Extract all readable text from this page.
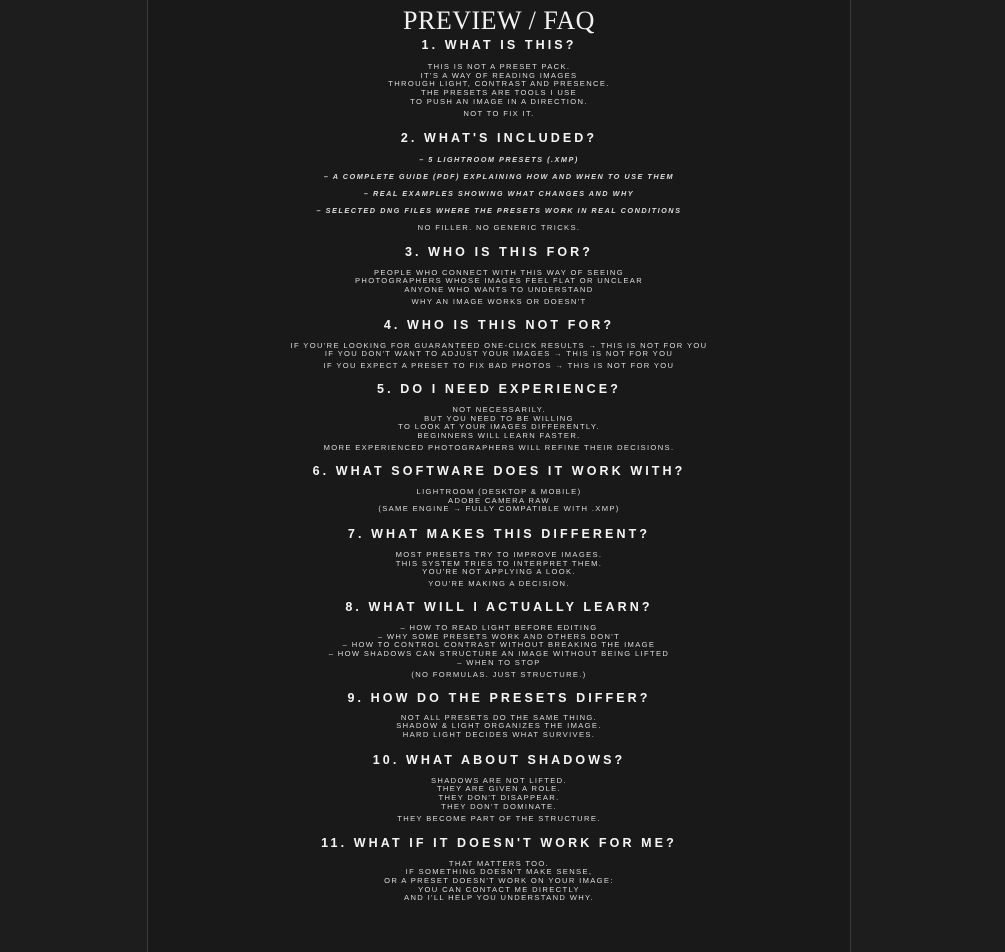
PREVIEW / FAQ
1. WHAT IS THIS?
THIS IS NOT A PRESET PACK.
IT'S A WAY OF READING IMAGES
THROUGH LIGHT, CONTRAST AND PRESENCE.
THE PRESETS ARE TOOLS I USE
TO PUSH AN IMAGE IN A DIRECTION.
NOT TO FIX IT.
2. WHAT'S INCLUDED?
– 5 LIGHTROOM PRESETS (.XMP)
– A COMPLETE GUIDE (PDF) EXPLAINING HOW AND WHEN TO USE THEM
– REAL EXAMPLES SHOWING WHAT CHANGES AND WHY
– SELECTED DNG FILES WHERE THE PRESETS WORK IN REAL CONDITIONS
NO FILLER. NO GENERIC TRICKS.
3. WHO IS THIS FOR?
PEOPLE WHO CONNECT WITH THIS WAY OF SEEING
PHOTOGRAPHERS WHOSE IMAGES FEEL FLAT OR UNCLEAR
ANYONE WHO WANTS TO UNDERSTAND
WHY AN IMAGE WORKS OR DOESN'T
4. WHO IS THIS NOT FOR?
IF YOU'RE LOOKING FOR GUARANTEED ONE-CLICK RESULTS → THIS IS NOT FOR YOU
IF YOU DON'T WANT TO ADJUST YOUR IMAGES → THIS IS NOT FOR YOU
IF YOU EXPECT A PRESET TO FIX BAD PHOTOS → THIS IS NOT FOR YOU
5. DO I NEED EXPERIENCE?
NOT NECESSARILY.
BUT YOU NEED TO BE WILLING
TO LOOK AT YOUR IMAGES DIFFERENTLY.
BEGINNERS WILL LEARN FASTER.
MORE EXPERIENCED PHOTOGRAPHERS WILL REFINE THEIR DECISIONS.
6. WHAT SOFTWARE DOES IT WORK WITH?
LIGHTROOM (DESKTOP & MOBILE)
ADOBE CAMERA RAW
(SAME ENGINE → FULLY COMPATIBLE WITH .XMP)
7. WHAT MAKES THIS DIFFERENT?
MOST PRESETS TRY TO IMPROVE IMAGES.
THIS SYSTEM TRIES TO INTERPRET THEM.
YOU'RE NOT APPLYING A LOOK.
YOU'RE MAKING A DECISION.
8. WHAT WILL I ACTUALLY LEARN?
– HOW TO READ LIGHT BEFORE EDITING
– WHY SOME PRESETS WORK AND OTHERS DON'T
– HOW TO CONTROL CONTRAST WITHOUT BREAKING THE IMAGE
– HOW SHADOWS CAN STRUCTURE AN IMAGE WITHOUT BEING LIFTED
– WHEN TO STOP
(NO FORMULAS. JUST STRUCTURE.)
9. HOW DO THE PRESETS DIFFER?
NOT ALL PRESETS DO THE SAME THING.
SHADOW & LIGHT ORGANIZES THE IMAGE.
HARD LIGHT DECIDES WHAT SURVIVES.
10. WHAT ABOUT SHADOWS?
SHADOWS ARE NOT LIFTED.
THEY ARE GIVEN A ROLE.
THEY DON'T DISAPPEAR.
THEY DON'T DOMINATE.
THEY BECOME PART OF THE STRUCTURE.
11. WHAT IF IT DOESN'T WORK FOR ME?
THAT MATTERS TOO.
IF SOMETHING DOESN'T MAKE SENSE,
OR A PRESET DOESN'T WORK ON YOUR IMAGE:
YOU CAN CONTACT ME DIRECTLY
AND I'LL HELP YOU UNDERSTAND WHY.
